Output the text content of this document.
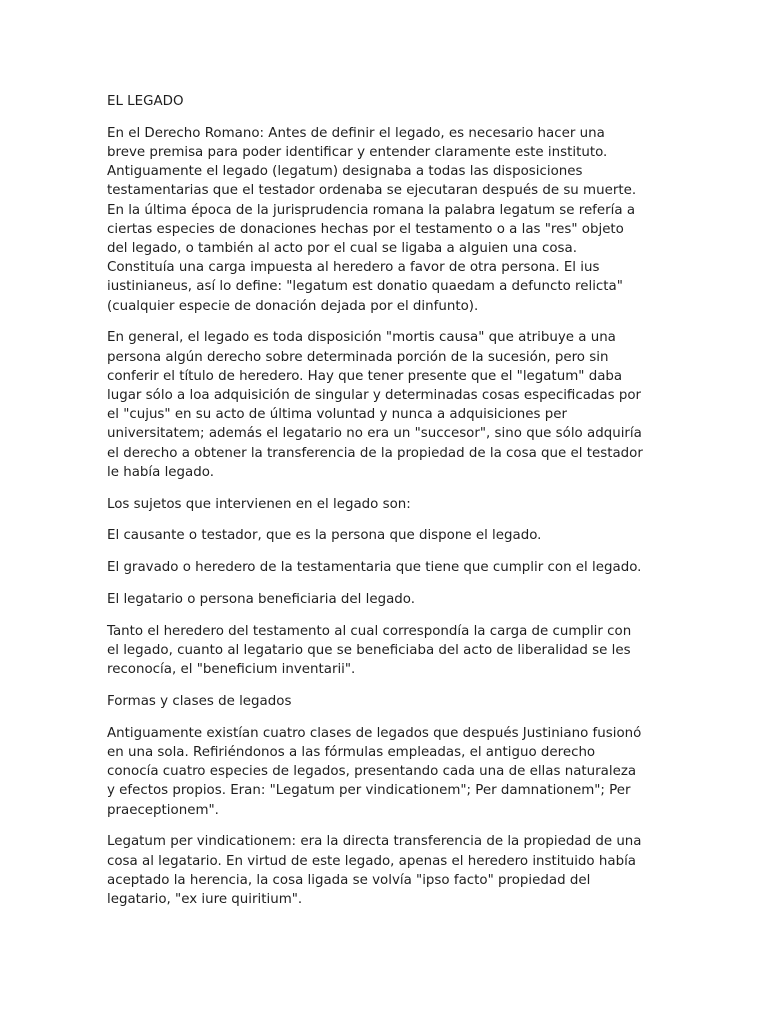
EL LEGADO

En el Derecho Romano: Antes de definir el legado, es necesario hacer una
breve premisa para poder identificar y entender claramente este instituto.
Antiguamente el legado (legatum) designaba a todas las disposiciones
testamentarias que el testador ordenaba se ejecutaran después de su muerte.
En la última época de la jurisprudencia romana la palabra legatum se refería a
ciertas especies de donaciones hechas por el testamento o a las "res" objeto
del legado, o también al acto por el cual se ligaba a alguien una cosa.
Constituía una carga impuesta al heredero a favor de otra persona. El ius
iustinianeus, así lo define: "legatum est donatio quaedam a defuncto relicta"
(cualquier especie de donación dejada por el dinfunto).

En general, el legado es toda disposición "mortis causa" que atribuye a una
persona algún derecho sobre determinada porción de la sucesión, pero sin
conferir el título de heredero. Hay que tener presente que el "legatum" daba
lugar sólo a loa adquisición de singular y determinadas cosas especificadas por
el "cujus" en su acto de última voluntad y nunca a adquisiciones per
universitatem; además el legatario no era un "succesor", sino que sólo adquiría
el derecho a obtener la transferencia de la propiedad de la cosa que el testador
le había legado.

Los sujetos que intervienen en el legado son:

El causante o testador, que es la persona que dispone el legado.

El gravado o heredero de la testamentaria que tiene que cumplir con el legado.

El legatario o persona beneficiaria del legado.

Tanto el heredero del testamento al cual correspondía la carga de cumplir con
el legado, cuanto al legatario que se beneficiaba del acto de liberalidad se les
reconocía, el "beneficium inventarii".

Formas y clases de legados

Antiguamente existían cuatro clases de legados que después Justiniano fusionó
en una sola. Refiriéndonos a las fórmulas empleadas, el antiguo derecho
conocía cuatro especies de legados, presentando cada una de ellas naturaleza
y efectos propios. Eran: "Legatum per vindicationem"; Per damnationem"; Per
praeceptionem".

Legatum per vindicationem: era la directa transferencia de la propiedad de una
cosa al legatario. En virtud de este legado, apenas el heredero instituido había
aceptado la herencia, la cosa ligada se volvía "ipso facto" propiedad del
legatario, "ex iure quiritium".
